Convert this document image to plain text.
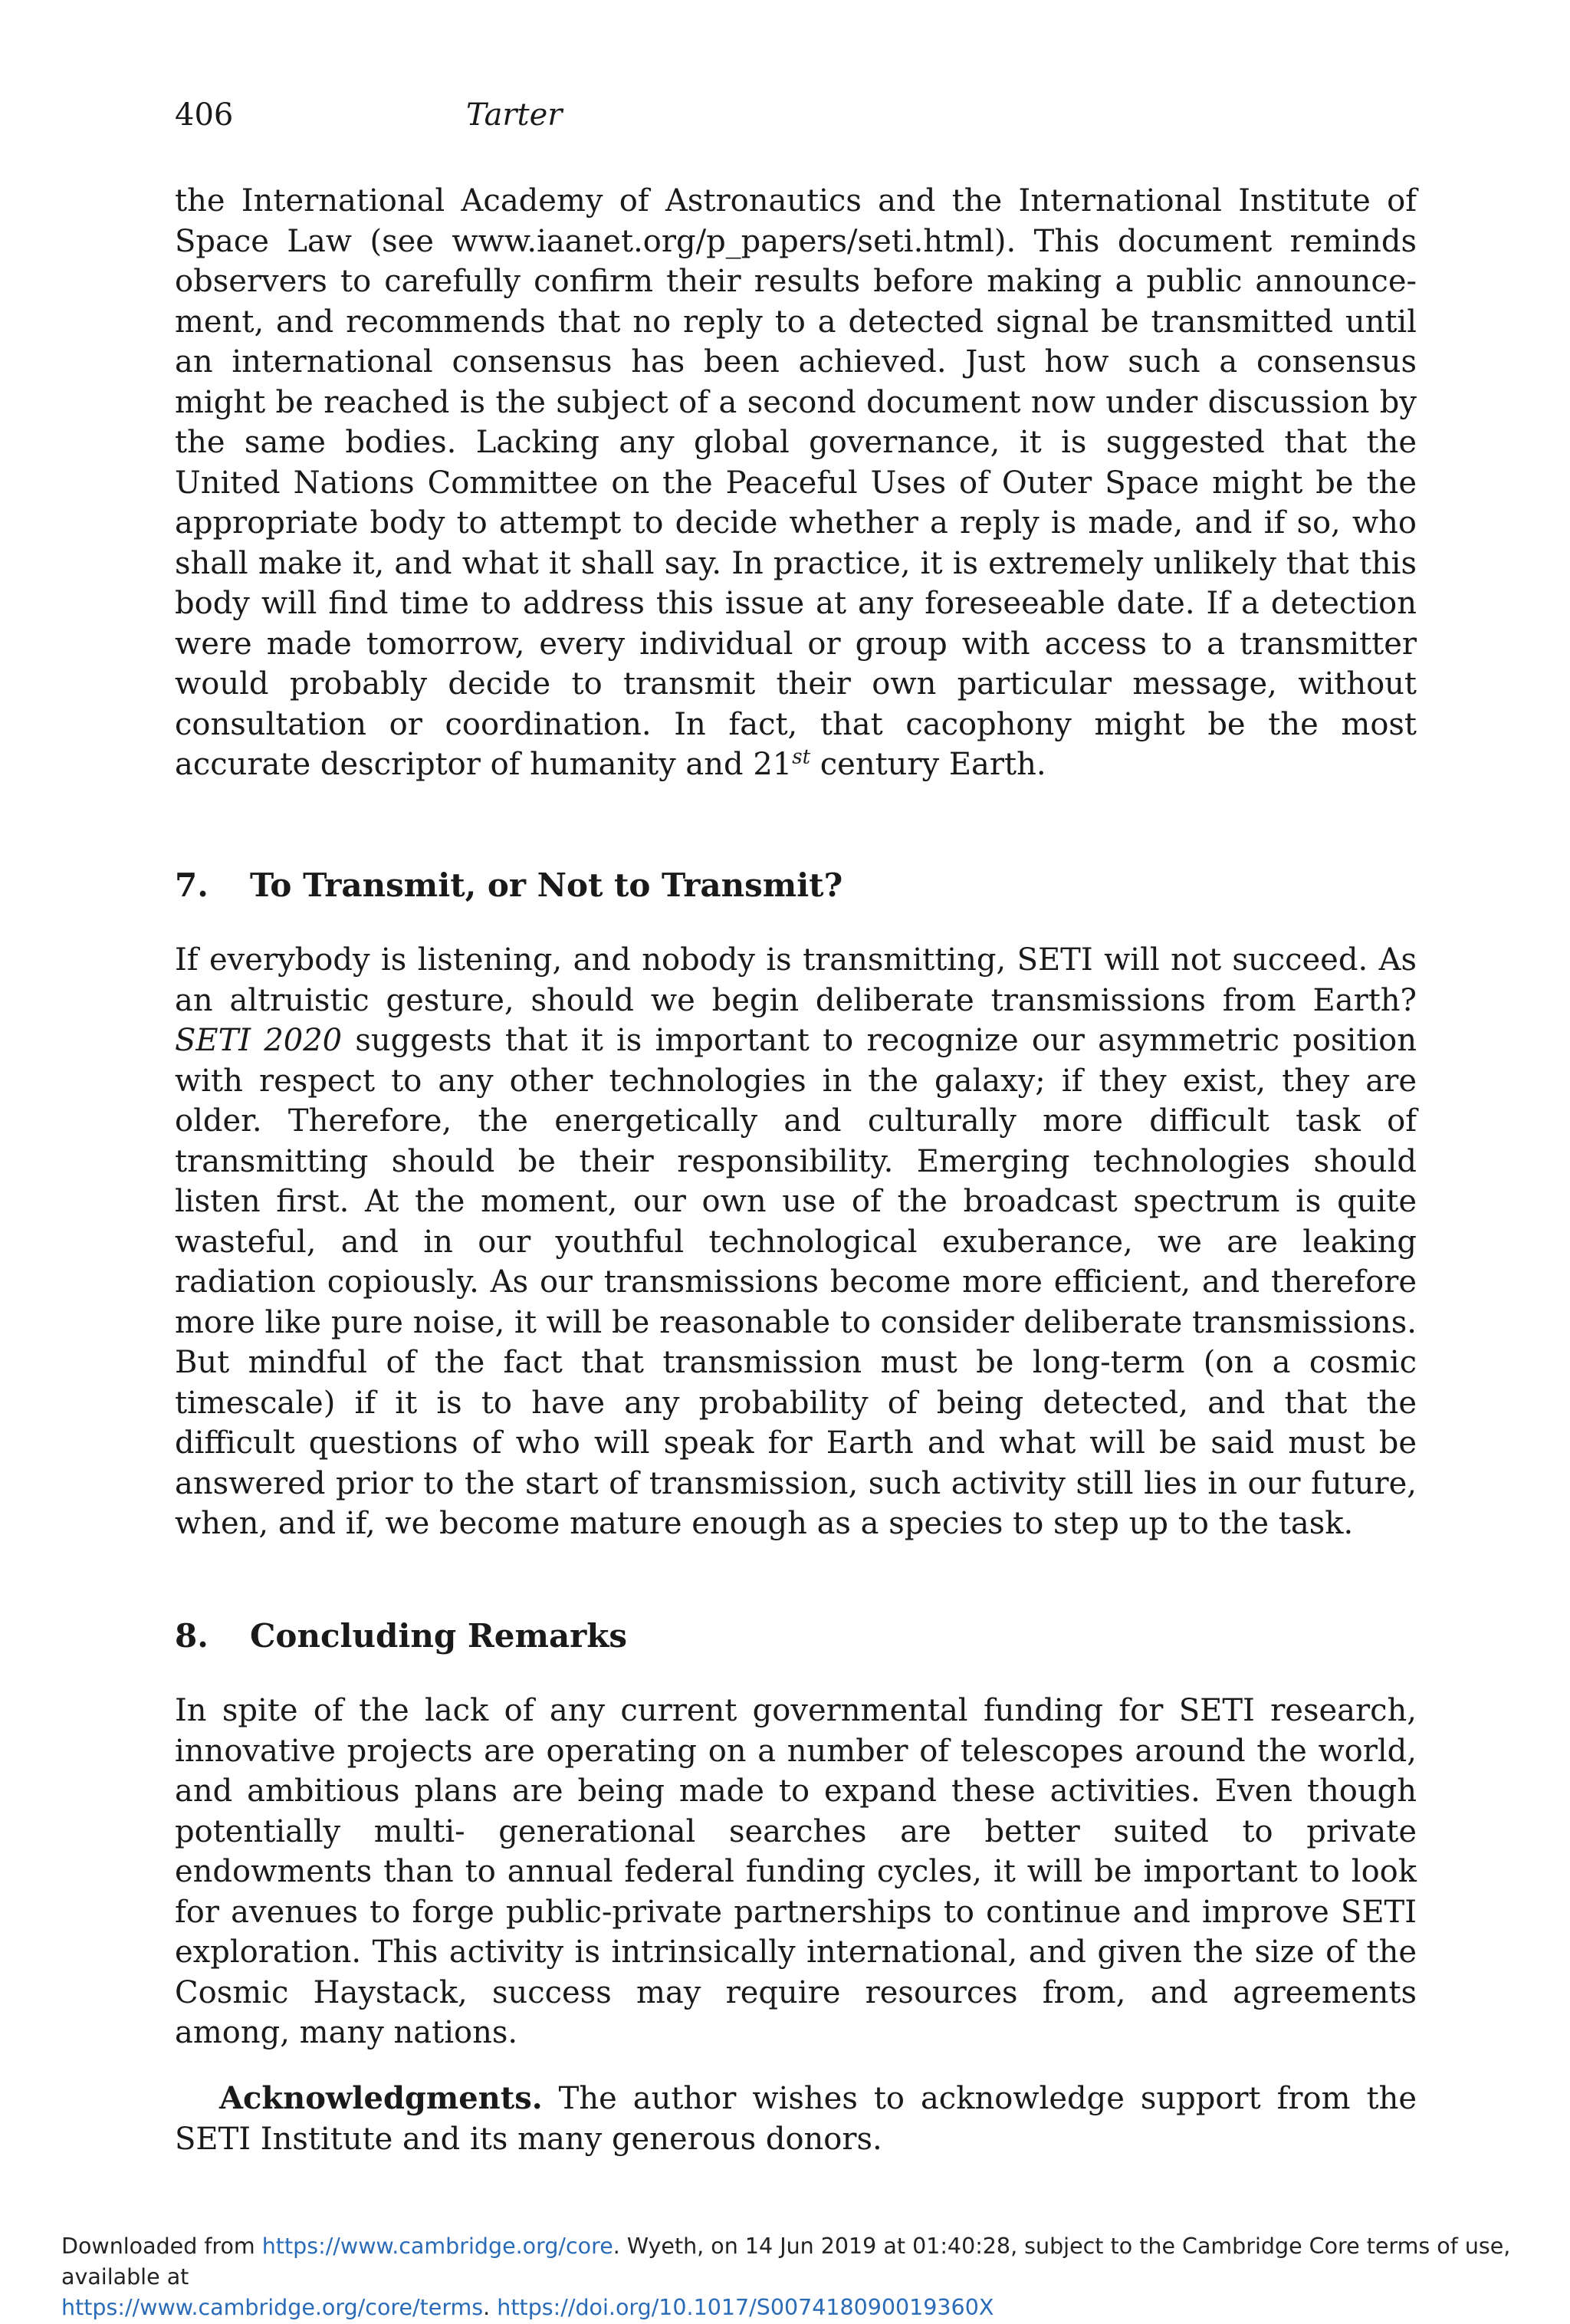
406	Tarter

the International Academy of Astronautics and the International Institute of Space Law (see www.iaanet.org/p_papers/seti.html). This document reminds observers to carefully confirm their results before making a public announcement, and recommends that no reply to a detected signal be transmitted until an international consensus has been achieved. Just how such a consensus might be reached is the subject of a second document now under discussion by the same bodies. Lacking any global governance, it is suggested that the United Nations Committee on the Peaceful Uses of Outer Space might be the appropriate body to attempt to decide whether a reply is made, and if so, who shall make it, and what it shall say. In practice, it is extremely unlikely that this body will find time to address this issue at any foreseeable date. If a detection were made tomorrow, every individual or group with access to a transmitter would probably decide to transmit their own particular message, without consultation or coordination. In fact, that cacophony might be the most accurate descriptor of humanity and 21st century Earth.

7. To Transmit, or Not to Transmit?

If everybody is listening, and nobody is transmitting, SETI will not succeed. As an altruistic gesture, should we begin deliberate transmissions from Earth? SETI 2020 suggests that it is important to recognize our asymmetric position with respect to any other technologies in the galaxy; if they exist, they are older. Therefore, the energetically and culturally more difficult task of transmitting should be their responsibility. Emerging technologies should listen first. At the moment, our own use of the broadcast spectrum is quite wasteful, and in our youthful technological exuberance, we are leaking radiation copiously. As our transmissions become more efficient, and therefore more like pure noise, it will be reasonable to consider deliberate transmissions. But mindful of the fact that transmission must be long-term (on a cosmic timescale) if it is to have any probability of being detected, and that the difficult questions of who will speak for Earth and what will be said must be answered prior to the start of transmission, such activity still lies in our future, when, and if, we become mature enough as a species to step up to the task.

8. Concluding Remarks

In spite of the lack of any current governmental funding for SETI research, innovative projects are operating on a number of telescopes around the world, and ambitious plans are being made to expand these activities. Even though potentially multi- generational searches are better suited to private endowments than to annual federal funding cycles, it will be important to look for avenues to forge public-private partnerships to continue and improve SETI exploration. This activity is intrinsically international, and given the size of the Cosmic Haystack, success may require resources from, and agreements among, many nations.

Acknowledgments. The author wishes to acknowledge support from the SETI Institute and its many generous donors.

Downloaded from https://www.cambridge.org/core. Wyeth, on 14 Jun 2019 at 01:40:28, subject to the Cambridge Core terms of use, available at
https://www.cambridge.org/core/terms. https://doi.org/10.1017/S007418090019360X
